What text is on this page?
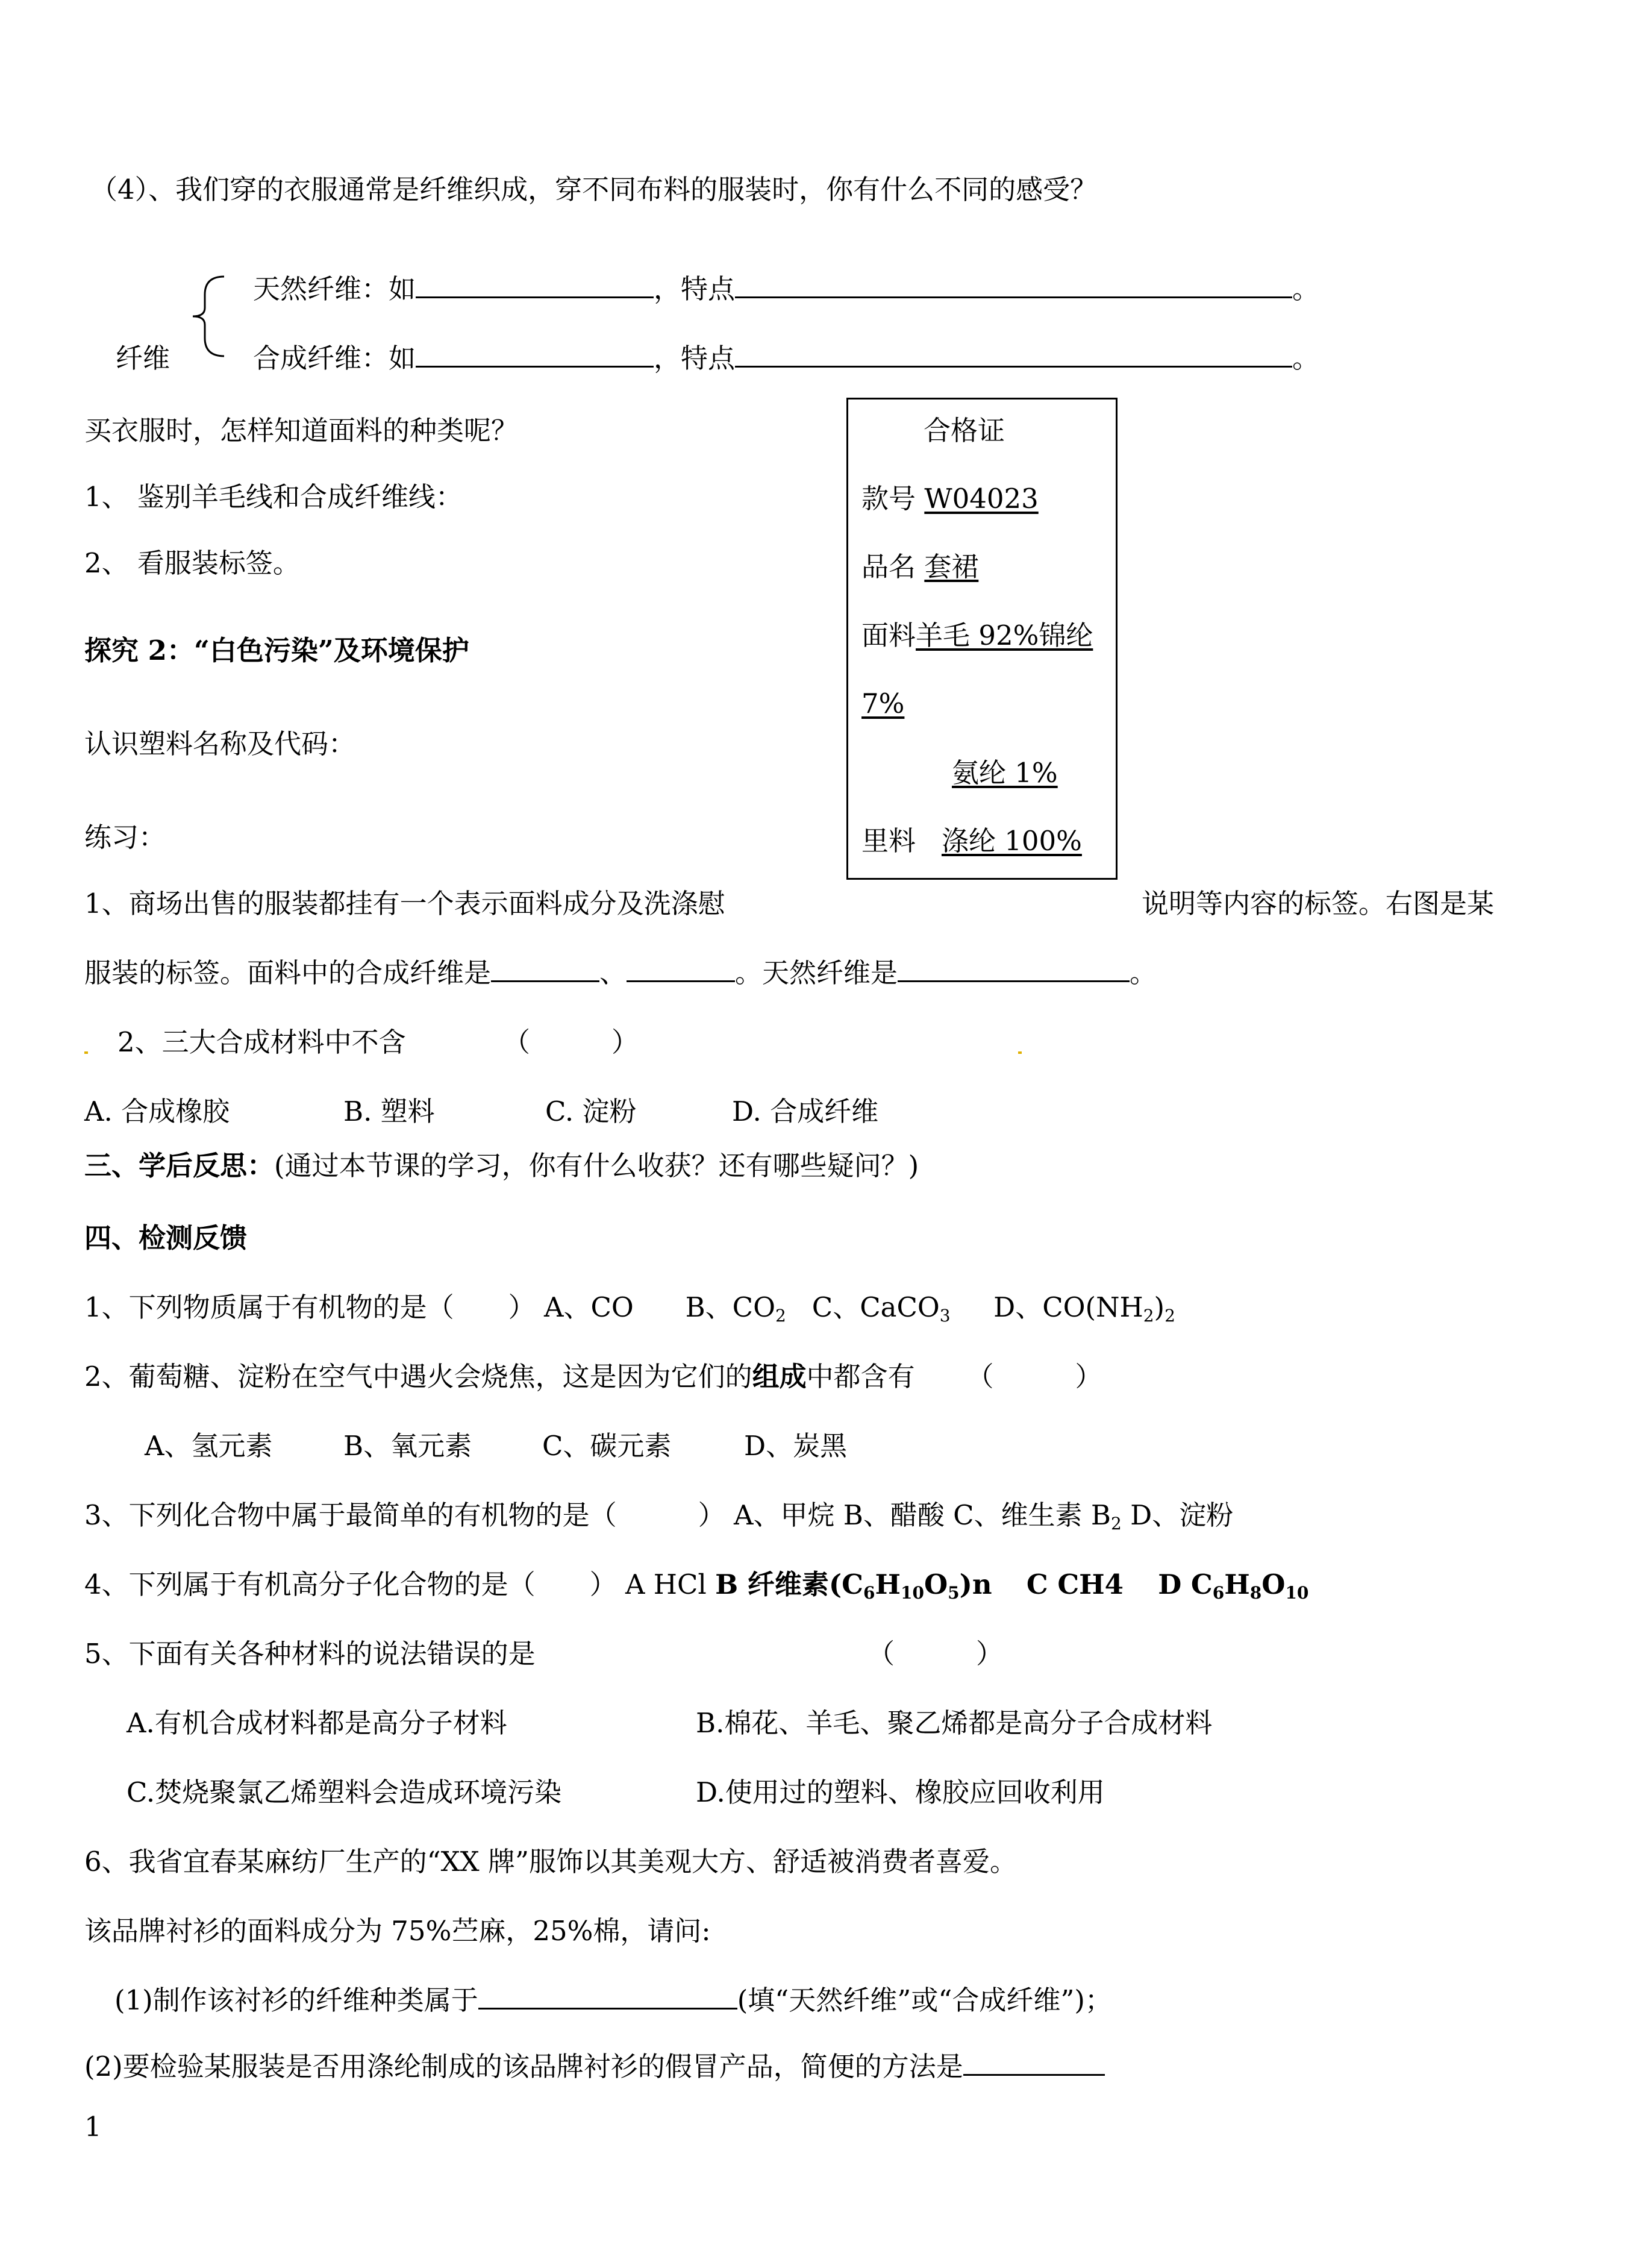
（4）、我们穿的衣服通常是纤维织成，穿不同布料的服装时，你有什么不同的感受？
纤维
天然纤维：如	，特点	。
合成纤维：如	，特点	。
买衣服时，怎样知道面料的种类呢？
1、 鉴别羊毛线和合成纤维线：
2、 看服装标签。
合格证
款号 W04023
品名 套裙
面料羊毛 92%锦纶
7%
氨纶 1%
里料 涤纶 100%
探究 2：“白色污染”及环境保护
认识塑料名称及代码：
练习：
1、商场出售的服装都挂有一个表示面料成分及洗涤慰	说明等内容的标签。右图是某
服装的标签。面料中的合成纤维是	、	。天然纤维是	。
2、三大合成材料中不含	（　　　）
A. 合成橡胶	B. 塑料	C. 淀粉	D. 合成纤维
三、学后反思：(通过本节课的学习，你有什么收获？还有哪些疑问？)
四、检测反馈
1、下列物质属于有机物的是（　　） A、CO B、$CO_2$ C、CaCO$_3$ D、$CO(NH_2)_2$
2、葡萄糖、淀粉在空气中遇火会烧焦，这是因为它们的组成中都含有 （　　　）
A、氢元素	B、氧元素	C、碳元素	D、炭黑
3、下列化合物中属于最简单的有机物的是（　　　） A、甲烷 B、醋酸 C、维生素 $B_2$ D、淀粉
4、下列属于有机高分子化合物的是（　　） A HCl B 纤维素$(C_6H_{10}O_5)n$ C CH4 D $C_6H_8O_{10}$
5、下面有关各种材料的说法错误的是	（　　　）
A.有机合成材料都是高分子材料	B.棉花、羊毛、聚乙烯都是高分子合成材料
C.焚烧聚氯乙烯塑料会造成环境污染	D.使用过的塑料、橡胶应回收利用
6、我省宜春某麻纺厂生产的“XX 牌”服饰以其美观大方、舒适被消费者喜爱。
该品牌衬衫的面料成分为 75%苎麻，25%棉，请问:
(1)制作该衬衫的纤维种类属于	(填“天然纤维”或“合成纤维”)；
(2)要检验某服装是否用涤纶制成的该品牌衬衫的假冒产品，简便的方法是
1
